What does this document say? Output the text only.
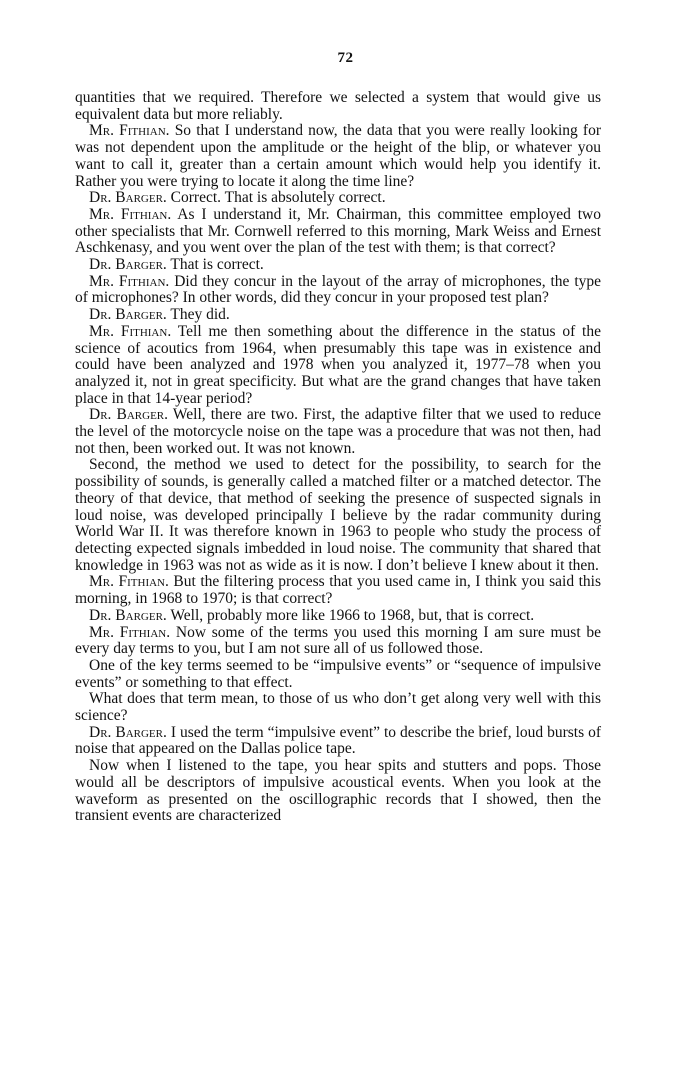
72

quantities that we required. Therefore we selected a system that would give us equivalent data but more reliably.

Mr. Fithian. So that I understand now, the data that you were really looking for was not dependent upon the amplitude or the height of the blip, or whatever you want to call it, greater than a certain amount which would help you identify it. Rather you were trying to locate it along the time line?

Dr. Barger. Correct. That is absolutely correct.

Mr. Fithian. As I understand it, Mr. Chairman, this committee employed two other specialists that Mr. Cornwell referred to this morning, Mark Weiss and Ernest Aschkenasy, and you went over the plan of the test with them; is that correct?

Dr. Barger. That is correct.

Mr. Fithian. Did they concur in the layout of the array of microphones, the type of microphones? In other words, did they concur in your proposed test plan?

Dr. Barger. They did.

Mr. Fithian. Tell me then something about the difference in the status of the science of acoutics from 1964, when presumably this tape was in existence and could have been analyzed and 1978 when you analyzed it, 1977–78 when you analyzed it, not in great specificity. But what are the grand changes that have taken place in that 14-year period?

Dr. Barger. Well, there are two. First, the adaptive filter that we used to reduce the level of the motorcycle noise on the tape was a procedure that was not then, had not then, been worked out. It was not known.

Second, the method we used to detect for the possibility, to search for the possibility of sounds, is generally called a matched filter or a matched detector. The theory of that device, that method of seeking the presence of suspected signals in loud noise, was developed principally I believe by the radar community during World War II. It was therefore known in 1963 to people who study the process of detecting expected signals imbedded in loud noise. The community that shared that knowledge in 1963 was not as wide as it is now. I don’t believe I knew about it then.

Mr. Fithian. But the filtering process that you used came in, I think you said this morning, in 1968 to 1970; is that correct?

Dr. Barger. Well, probably more like 1966 to 1968, but, that is correct.

Mr. Fithian. Now some of the terms you used this morning I am sure must be every day terms to you, but I am not sure all of us followed those.

One of the key terms seemed to be “impulsive events” or “sequence of impulsive events” or something to that effect.

What does that term mean, to those of us who don’t get along very well with this science?

Dr. Barger. I used the term “impulsive event” to describe the brief, loud bursts of noise that appeared on the Dallas police tape.

Now when I listened to the tape, you hear spits and stutters and pops. Those would all be descriptors of impulsive acoustical events. When you look at the waveform as presented on the oscillographic records that I showed, then the transient events are characterized
